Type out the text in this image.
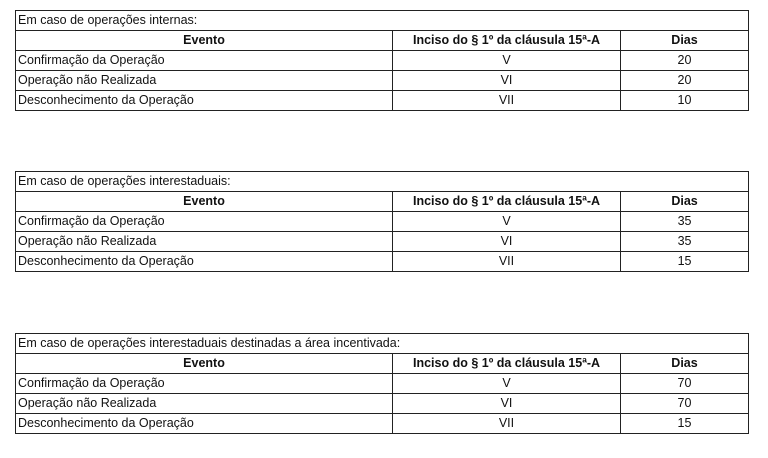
Em caso de operações internas:		
Evento	Inciso do § 1º da cláusula 15ª-A	Dias
Confirmação da Operação	V	20
Operação não Realizada	VI	20
Desconhecimento da Operação	VII	10
Em caso de operações interestaduais:		
Evento	Inciso do § 1º da cláusula 15ª-A	Dias
Confirmação da Operação	V	35
Operação não Realizada	VI	35
Desconhecimento da Operação	VII	15
Em caso de operações interestaduais destinadas a área incentivada:		
Evento	Inciso do § 1º da cláusula 15ª-A	Dias
Confirmação da Operação	V	70
Operação não Realizada	VI	70
Desconhecimento da Operação	VII	15
